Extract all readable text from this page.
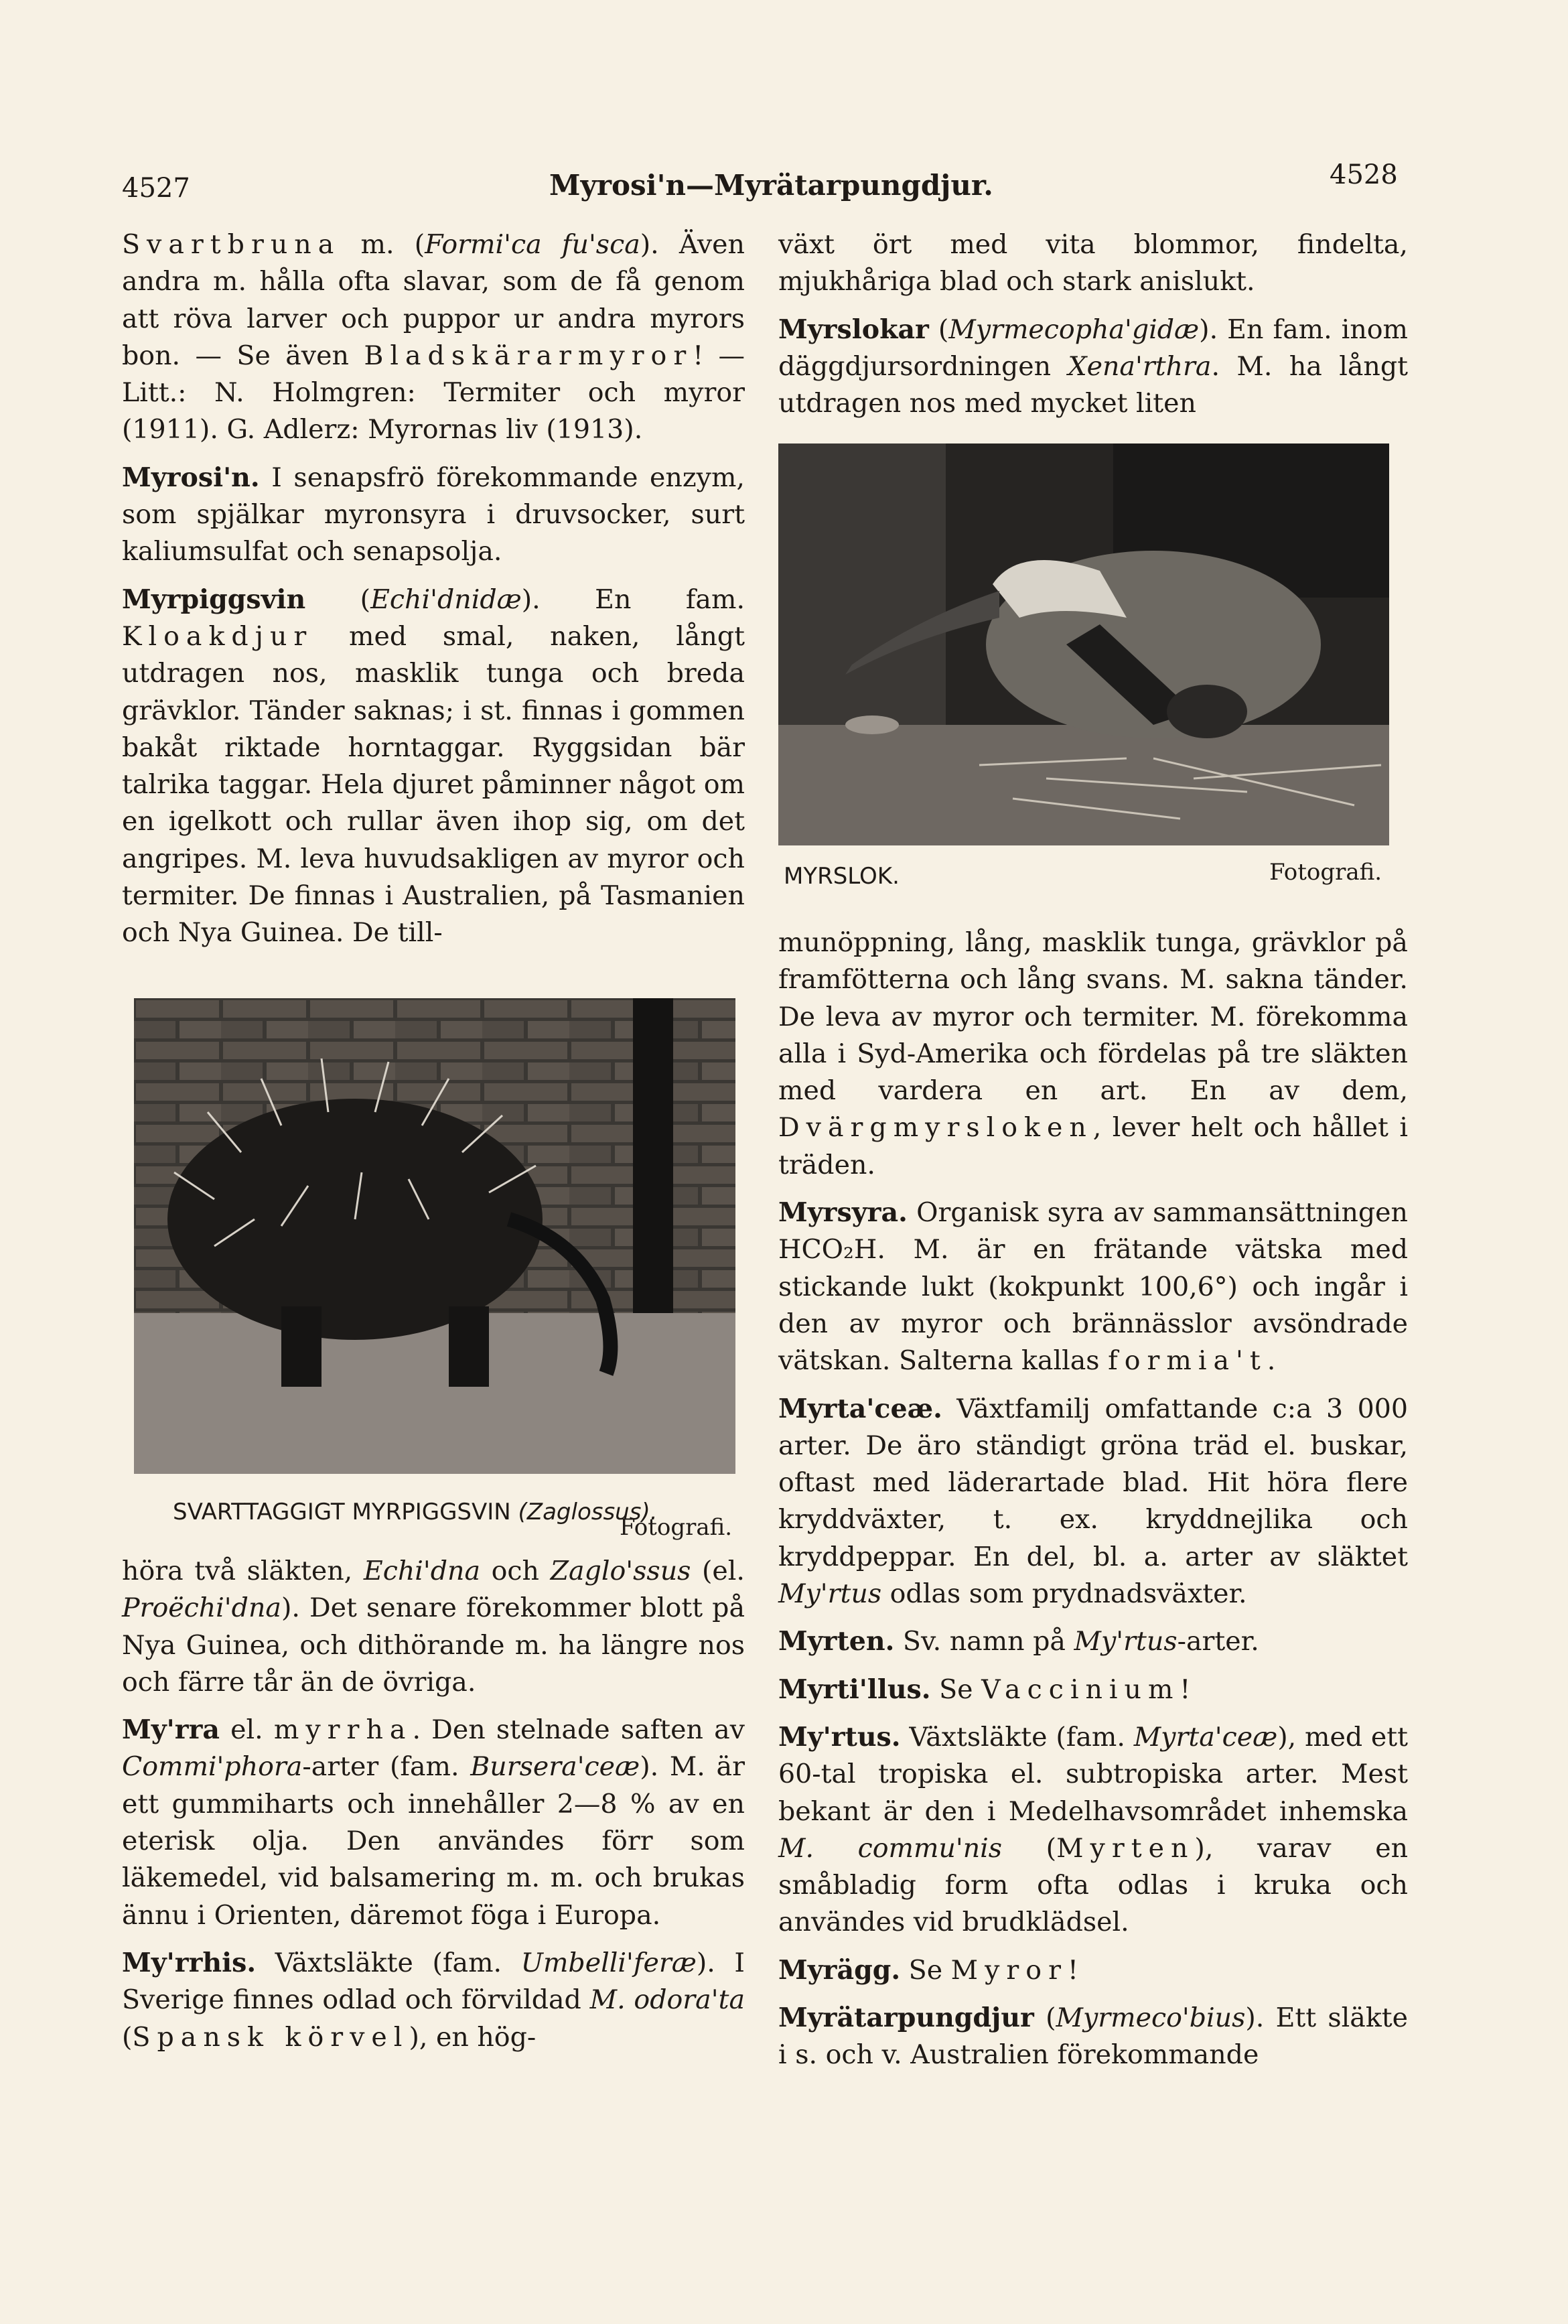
4527	Myrosi'n—Myrätarpungdjur.	4528

Svartbruna m. (Formi'ca fu'sca). Även andra m. hålla ofta slavar, som de få genom att röva larver och puppor ur andra myrors bon. — Se även Bladskärarmyror! — Litt.: N. Holmgren: Termiter och myror (1911). G. Adlerz: Myrornas liv (1913).

Myrosi'n. I senapsfrö förekommande enzym, som spjälkar myronsyra i druvsocker, surt kaliumsulfat och senapsolja.

Myrpiggsvin (Echi'dnidæ). En fam. Kloakdjur med smal, naken, långt utdragen nos, masklik tunga och breda grävklor. Tänder saknas; i st. finnas i gommen bakåt riktade horntaggar. Ryggsidan bär talrika taggar. Hela djuret påminner något om en igelkott och rullar även ihop sig, om det angripes. M. leva huvudsakligen av myror och termiter. De finnas i Australien, på Tasmanien och Nya Guinea. De till-

SVARTTAGGIGT MYRPIGGSVIN (Zaglossus).
Fotografi.

höra två släkten, Echi'dna och Zaglo'ssus (el. Proëchi'dna). Det senare förekommer blott på Nya Guinea, och dithörande m. ha längre nos och färre tår än de övriga.

My'rra el. myrrha. Den stelnade saften av Commi'phora-arter (fam. Bursera'ceæ). M. är ett gummiharts och innehåller 2—8 % av en eterisk olja. Den användes förr som läkemedel, vid balsamering m. m. och brukas ännu i Orienten, däremot föga i Europa.

My'rrhis. Växtsläkte (fam. Umbelli'feræ). I Sverige finnes odlad och förvildad M. odora'ta (Spansk körvel), en hög-

växt ört med vita blommor, findelta, mjukhåriga blad och stark anislukt.

Myrslokar (Myrmecopha'gidæ). En fam. inom däggdjursordningen Xena'rthra. M. ha långt utdragen nos med mycket liten

MYRSLOK.	Fotografi.

munöppning, lång, masklik tunga, grävklor på framfötterna och lång svans. M. sakna tänder. De leva av myror och termiter. M. förekomma alla i Syd-Amerika och fördelas på tre släkten med vardera en art. En av dem, Dvärgmyrsloken, lever helt och hållet i träden.

Myrsyra. Organisk syra av sammansättningen HCO₂H. M. är en frätande vätska med stickande lukt (kokpunkt 100,6°) och ingår i den av myror och brännässlor avsöndrade vätskan. Salterna kallas formia't.

Myrta'ceæ. Växtfamilj omfattande c:a 3 000 arter. De äro ständigt gröna träd el. buskar, oftast med läderartade blad. Hit höra flere kryddväxter, t. ex. kryddnejlika och kryddpeppar. En del, bl. a. arter av släktet My'rtus odlas som prydnadsväxter.

Myrten. Sv. namn på My'rtus-arter.

Myrti'llus. Se Vaccinium!

My'rtus. Växtsläkte (fam. Myrta'ceæ), med ett 60-tal tropiska el. subtropiska arter. Mest bekant är den i Medelhavsområdet inhemska M. commu'nis (Myrten), varav en småbladig form ofta odlas i kruka och användes vid brudklädsel.

Myrägg. Se Myror!

Myrätarpungdjur (Myrmeco'bius). Ett släkte i s. och v. Australien förekommande
